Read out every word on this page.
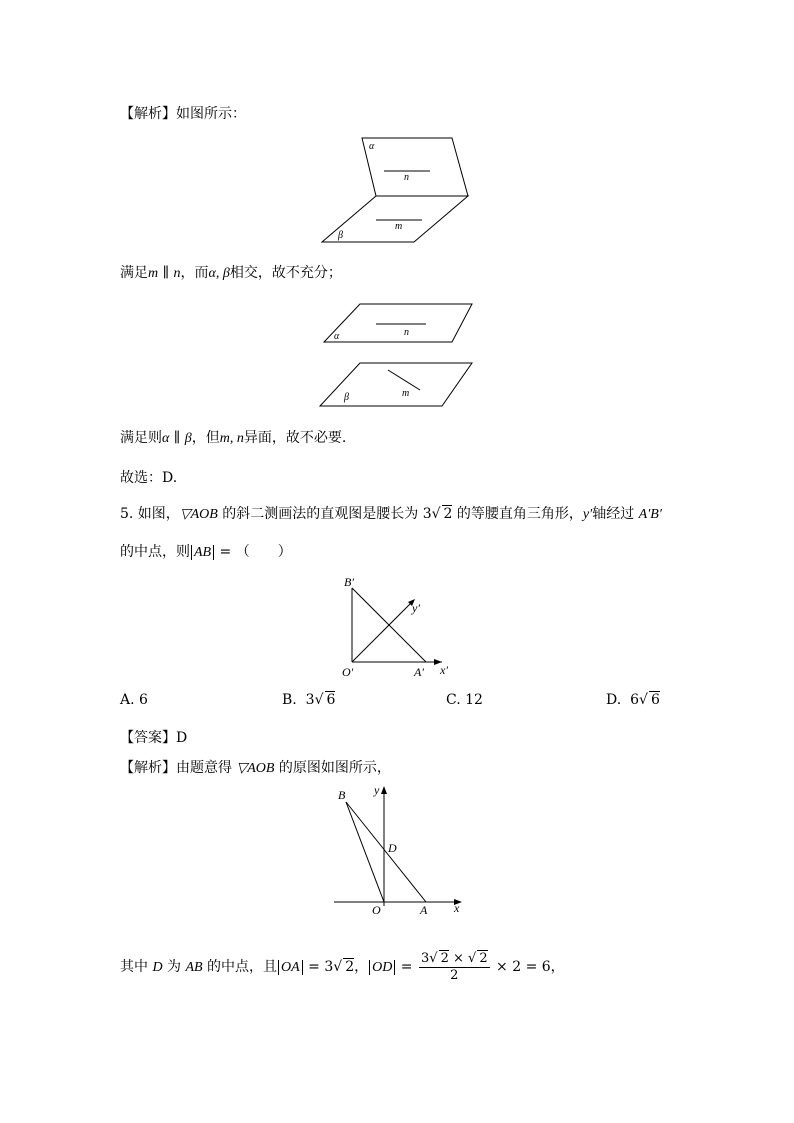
【解析】如图所示：
α
n
m
β
满足m ∥ n，而α, β相交，故不充分；
n
α
m
β
满足则α ∥ β，但m, n异面，故不必要.
故选：D.
5. 如图，▽AOB 的斜二测画法的直观图是腰长为 3√ 2 的等腰直角三角形，y′轴经过 A′B′
的中点，则 AB = （　　）
B′
y′
O′	A′ x′
A. 6	B. 3√ 6	C. 12	D. 6√ 6
【答案】D
【解析】由题意得 ▽AOB 的原图如图所示，
B y
D
O	A x
其中 D 为 AB 的中点，且 OA = 3√ 2， OD = $\frac{3√ 2 \times √ 2}{2} \times 2 = 6$，
